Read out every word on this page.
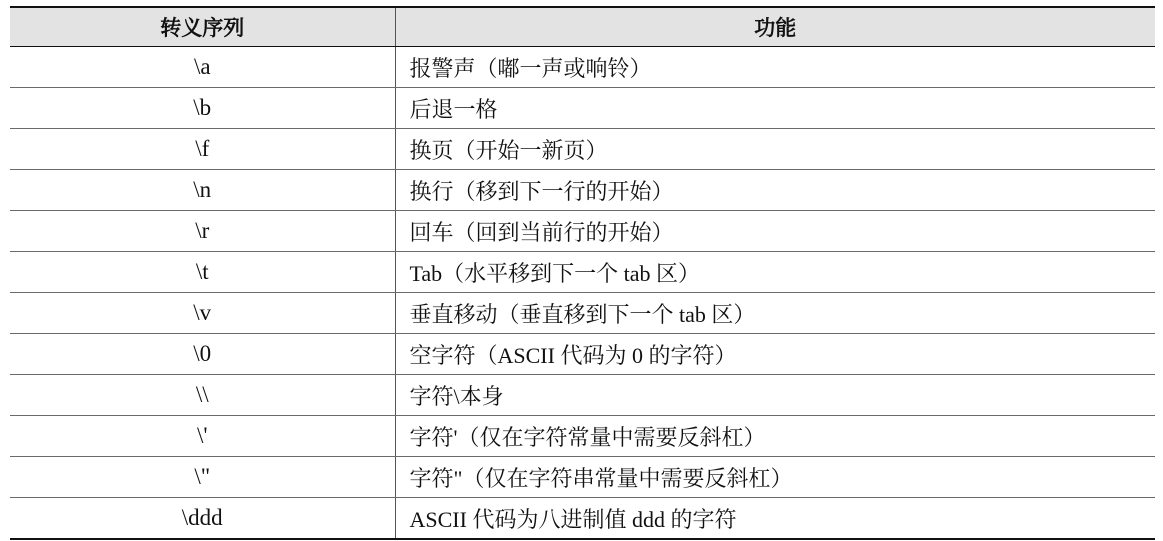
转义序列	功能
\a	报警声（嘟一声或响铃）
\b	后退一格
\f	换页（开始一新页）
\n	换行（移到下一行的开始）
\r	回车（回到当前行的开始）
\t	Tab（水平移到下一个 tab 区）
\v	垂直移动（垂直移到下一个 tab 区）
\0	空字符（ASCII 代码为 0 的字符）
\\	字符\本身
\'	字符'（仅在字符常量中需要反斜杠）
\"	字符"（仅在字符串常量中需要反斜杠）
\ddd	ASCII 代码为八进制值 ddd 的字符
